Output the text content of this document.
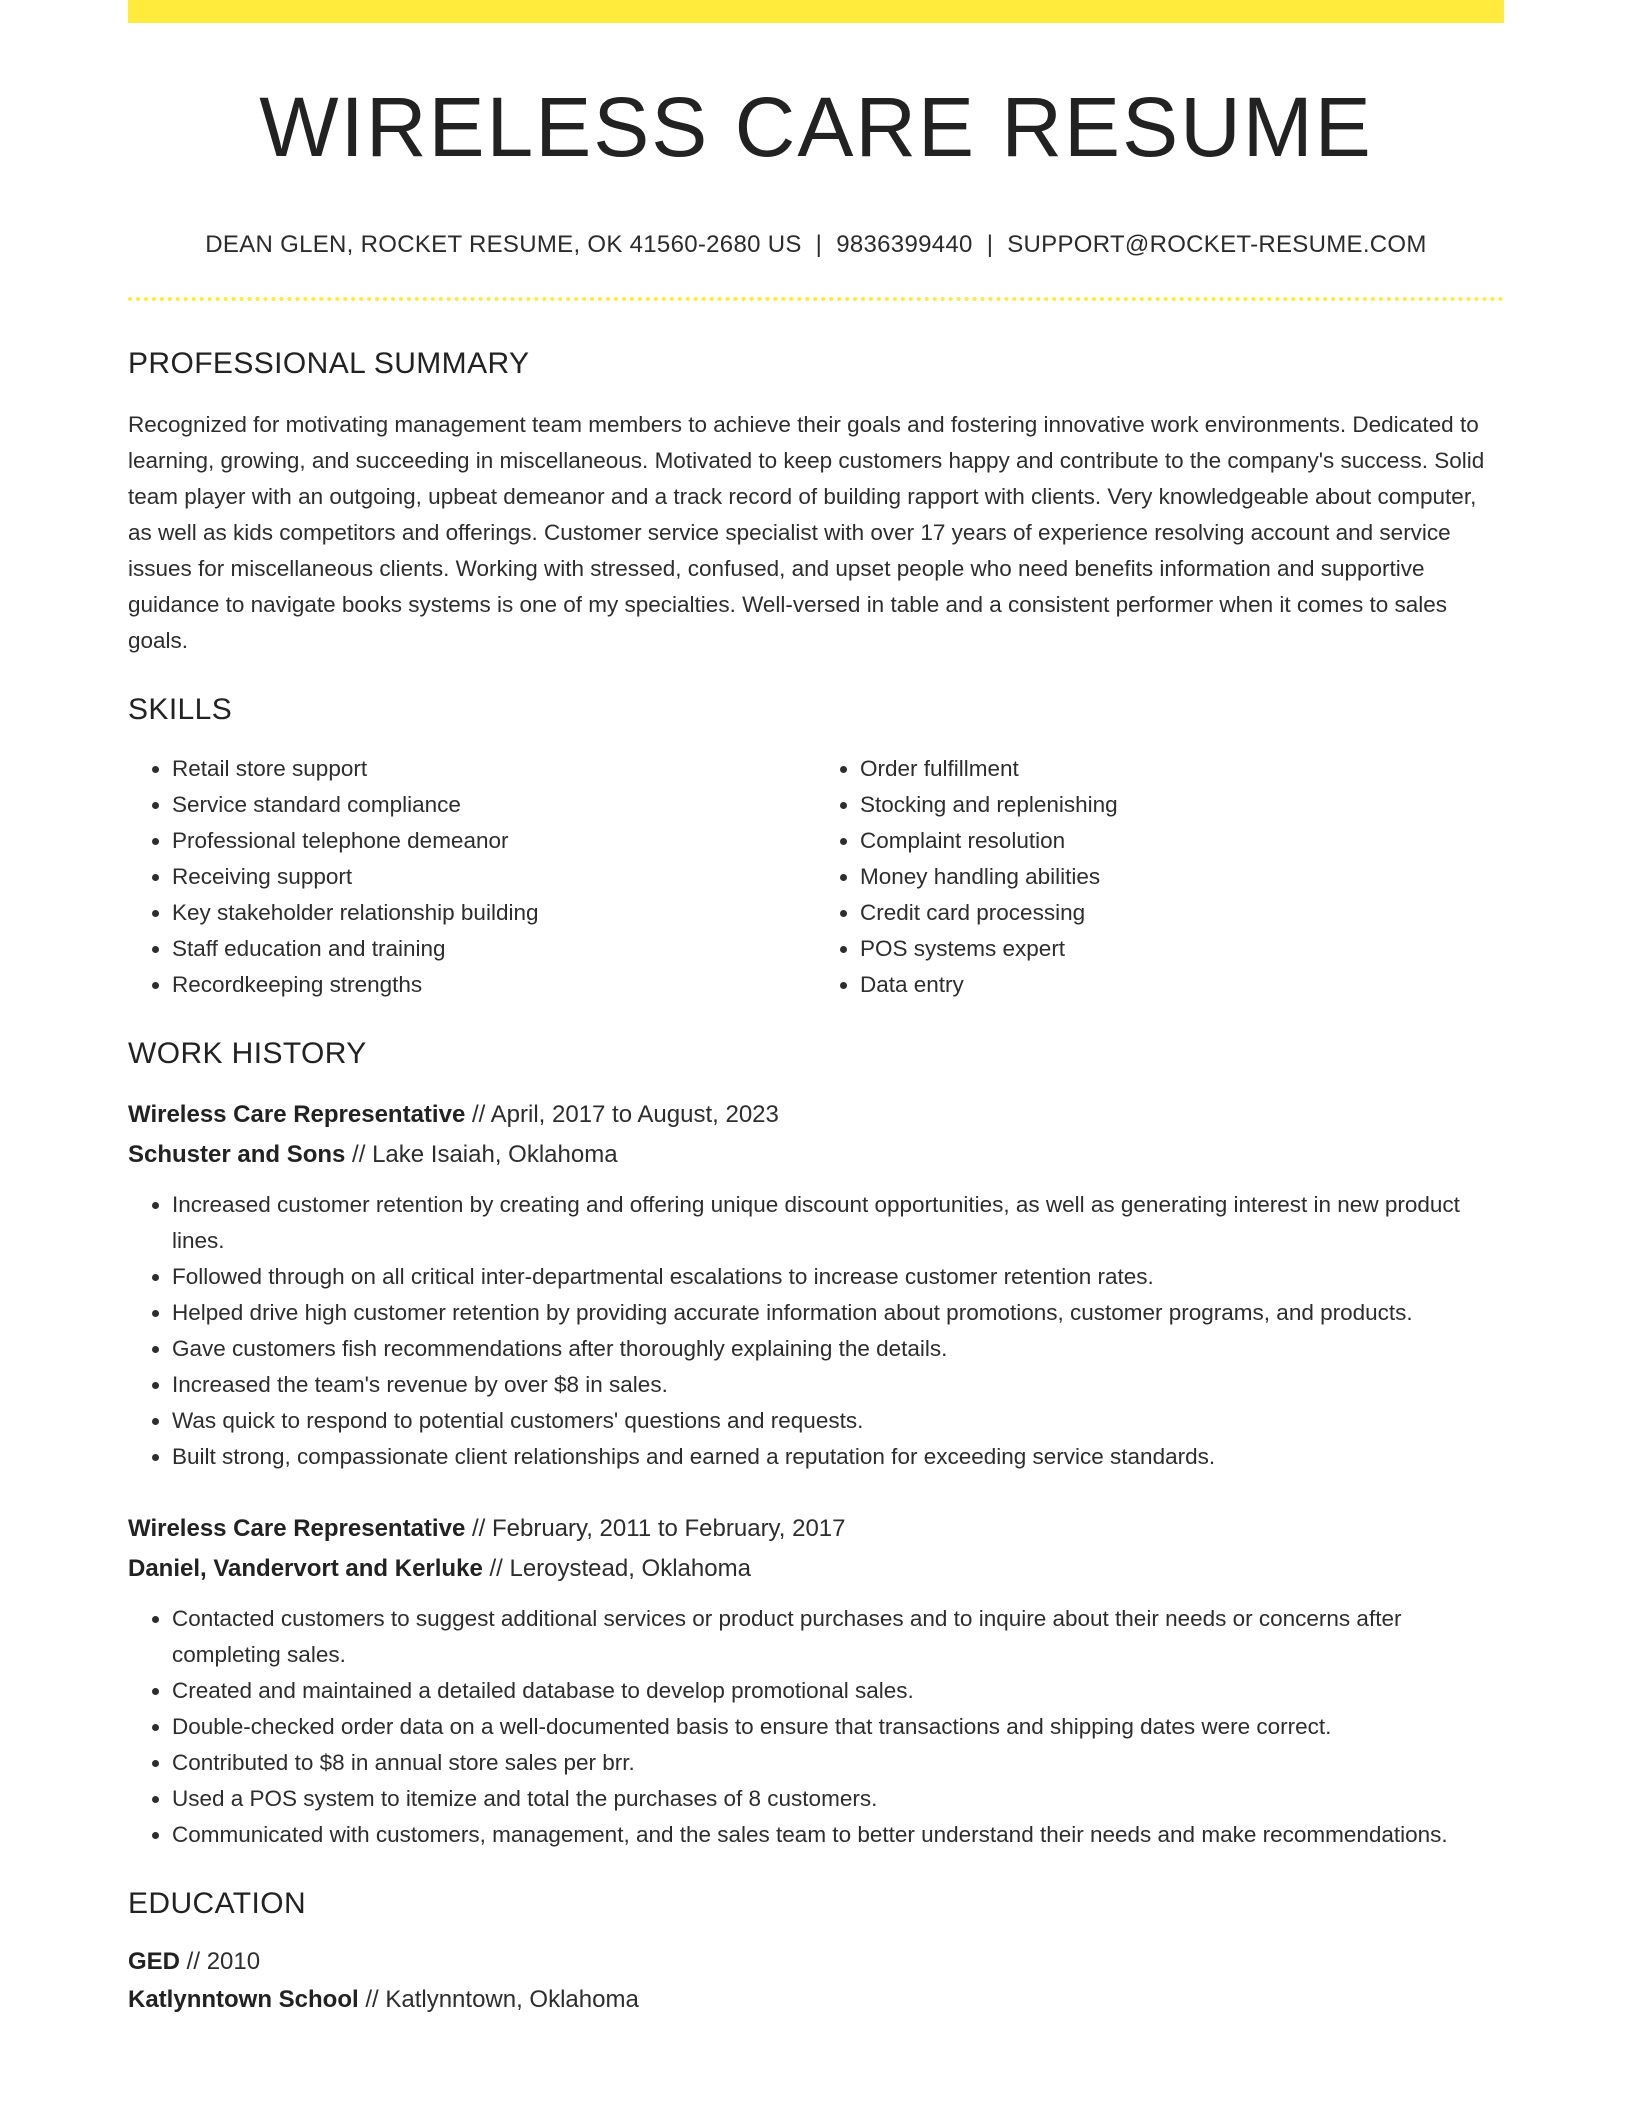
WIRELESS CARE RESUME
DEAN GLEN, ROCKET RESUME, OK 41560-2680 US | 9836399440 | SUPPORT@ROCKET-RESUME.COM
PROFESSIONAL SUMMARY
Recognized for motivating management team members to achieve their goals and fostering innovative work environments. Dedicated to learning, growing, and succeeding in miscellaneous. Motivated to keep customers happy and contribute to the company's success. Solid team player with an outgoing, upbeat demeanor and a track record of building rapport with clients. Very knowledgeable about computer, as well as kids competitors and offerings. Customer service specialist with over 17 years of experience resolving account and service issues for miscellaneous clients. Working with stressed, confused, and upset people who need benefits information and supportive guidance to navigate books systems is one of my specialties. Well-versed in table and a consistent performer when it comes to sales goals.
SKILLS
• Retail store support
• Service standard compliance
• Professional telephone demeanor
• Receiving support
• Key stakeholder relationship building
• Staff education and training
• Recordkeeping strengths
• Order fulfillment
• Stocking and replenishing
• Complaint resolution
• Money handling abilities
• Credit card processing
• POS systems expert
• Data entry
WORK HISTORY
Wireless Care Representative // April, 2017 to August, 2023
Schuster and Sons // Lake Isaiah, Oklahoma
• Increased customer retention by creating and offering unique discount opportunities, as well as generating interest in new product lines.
• Followed through on all critical inter-departmental escalations to increase customer retention rates.
• Helped drive high customer retention by providing accurate information about promotions, customer programs, and products.
• Gave customers fish recommendations after thoroughly explaining the details.
• Increased the team's revenue by over $8 in sales.
• Was quick to respond to potential customers' questions and requests.
• Built strong, compassionate client relationships and earned a reputation for exceeding service standards.
Wireless Care Representative // February, 2011 to February, 2017
Daniel, Vandervort and Kerluke // Leroystead, Oklahoma
• Contacted customers to suggest additional services or product purchases and to inquire about their needs or concerns after completing sales.
• Created and maintained a detailed database to develop promotional sales.
• Double-checked order data on a well-documented basis to ensure that transactions and shipping dates were correct.
• Contributed to $8 in annual store sales per brr.
• Used a POS system to itemize and total the purchases of 8 customers.
• Communicated with customers, management, and the sales team to better understand their needs and make recommendations.
EDUCATION
GED // 2010
Katlynntown School // Katlynntown, Oklahoma
